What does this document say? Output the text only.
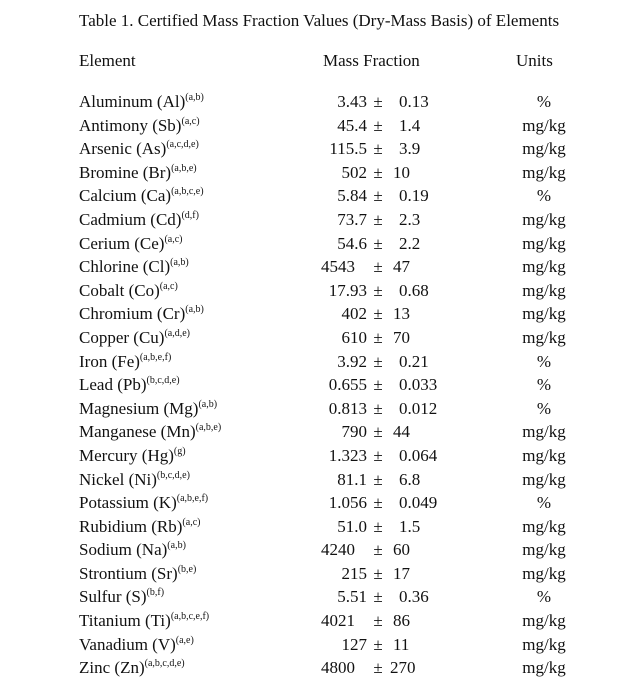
Table 1. Certified Mass Fraction Values (Dry-Mass Basis) of Elements
Element	Mass Fraction	Units
Aluminum $(Al)^{(a,b)}$	3.43 ± 0.13	%
Antimony $(Sb)^{(a,c)}$	45.4 ± 1.4	mg/kg
Arsenic $(As)^{(a,c,d,e)}$	115.5 ± 3.9	mg/kg
Bromine $(Br)^{(a,b,e)}$	502 ± 10	mg/kg
Calcium $(Ca)^{(a,b,c,e)}$	5.84 ± 0.19	%
Cadmium $(Cd)^{(d,f)}$	73.7 ± 2.3	mg/kg
Cerium $(Ce)^{(a,c)}$	54.6 ± 2.2	mg/kg
Chlorine $(Cl)^{(a,b)}$	4543 ± 47	mg/kg
Cobalt $(Co)^{(a,c)}$	17.93 ± 0.68	mg/kg
Chromium $(Cr)^{(a,b)}$	402 ± 13	mg/kg
Copper $(Cu)^{(a,d,e)}$	610 ± 70	mg/kg
Iron $(Fe)^{(a,b,e,f)}$	3.92 ± 0.21	%
Lead $(Pb)^{(b,c,d,e)}$	0.655 ± 0.033	%
Magnesium $(Mg)^{(a,b)}$	0.813 ± 0.012	%
Manganese $(Mn)^{(a,b,e)}$	790 ± 44	mg/kg
Mercury $(Hg)^{(g)}$	1.323 ± 0.064	mg/kg
Nickel $(Ni)^{(b,c,d,e)}$	81.1 ± 6.8	mg/kg
Potassium $(K)^{(a,b,e,f)}$	1.056 ± 0.049	%
Rubidium $(Rb)^{(a,c)}$	51.0 ± 1.5	mg/kg
Sodium $(Na)^{(a,b)}$	4240 ± 60	mg/kg
Strontium $(Sr)^{(b,e)}$	215 ± 17	mg/kg
Sulfur $(S)^{(b,f)}$	5.51 ± 0.36	%
Titanium $(Ti)^{(a,b,c,e,f)}$	4021 ± 86	mg/kg
Vanadium $(V)^{(a,e)}$	127 ± 11	mg/kg
Zinc $(Zn)^{(a,b,c,d,e)}$	4800 ± 270	mg/kg
